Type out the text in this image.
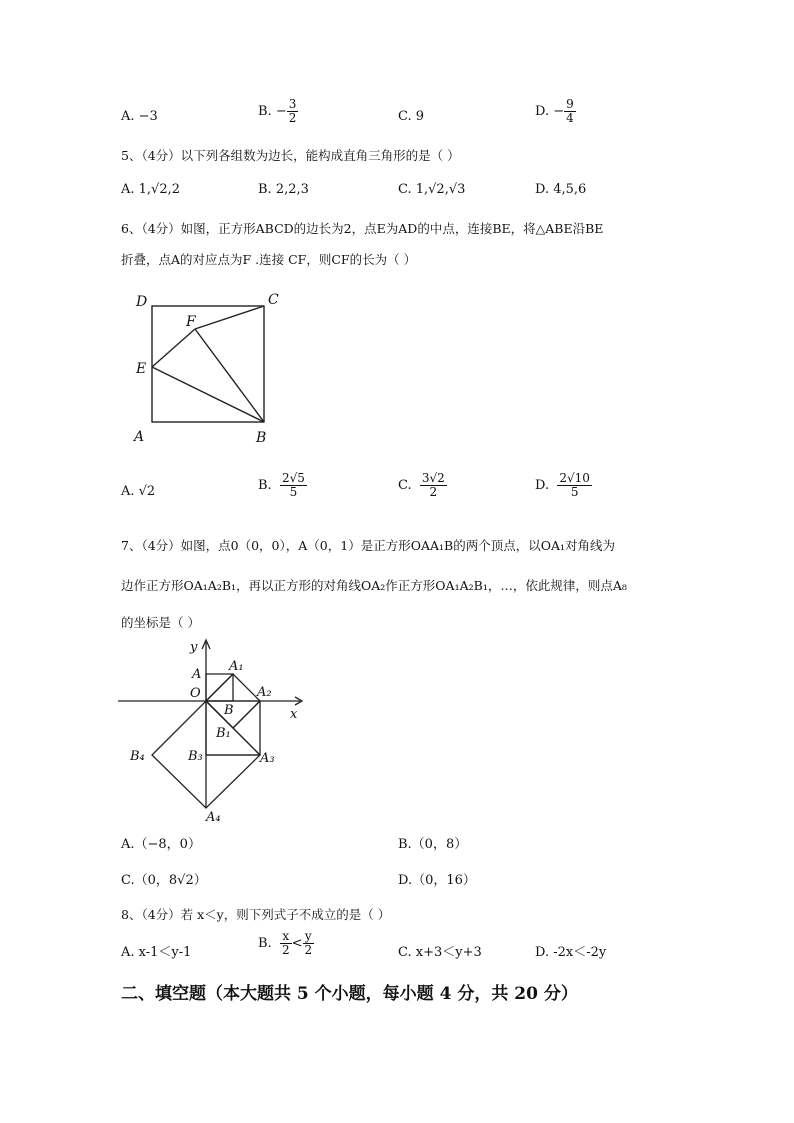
A. −3	B. − $\frac{3}{2}$	C. 9	D. − $\frac{9}{4}$
5、（4分）以下列各组数为边长，能构成直角三角形的是（ ）
A. 1,√2,2	B. 2,2,3	C. 1,√2,√3	D. 4,5,6
6、（4分）如图，正方形ABCD的边长为2，点E为AD的中点，连接BE，将△ABE沿BE
折叠，点A的对应点为F .连接 CF，则CF的长为（ ）
D	C
F
E
A	B
A. √2	B. $\frac{2√5}{5}$	C. $\frac{3√2}{2}$	D. $\frac{2√10}{5}$
7、（4分）如图，点0（0，0），A（0，1）是正方形OAA₁B的两个顶点，以OA₁对角线为
边作正方形OA₁A₂B₁，再以正方形的对角线OA₂作正方形OA₁A₂B₁，…，依此规律，则点A₈
的坐标是（ ）
y
x
A
A₁
O	A₂
B
B₁
B₄	B₃	A₃
A₄
A.（−8，0）	B.（0，8）
C.（0，8√2）	D.（0，16）
8、（4分）若 x＜y，则下列式子不成立的是（ ）
A. x-1＜y-1
B. $\frac{x}{2} < \frac{y}{2}$	C. x+3＜y+3	D. -2x＜-2y
二、填空题（本大题共 5 个小题，每小题 4 分，共 20 分）
